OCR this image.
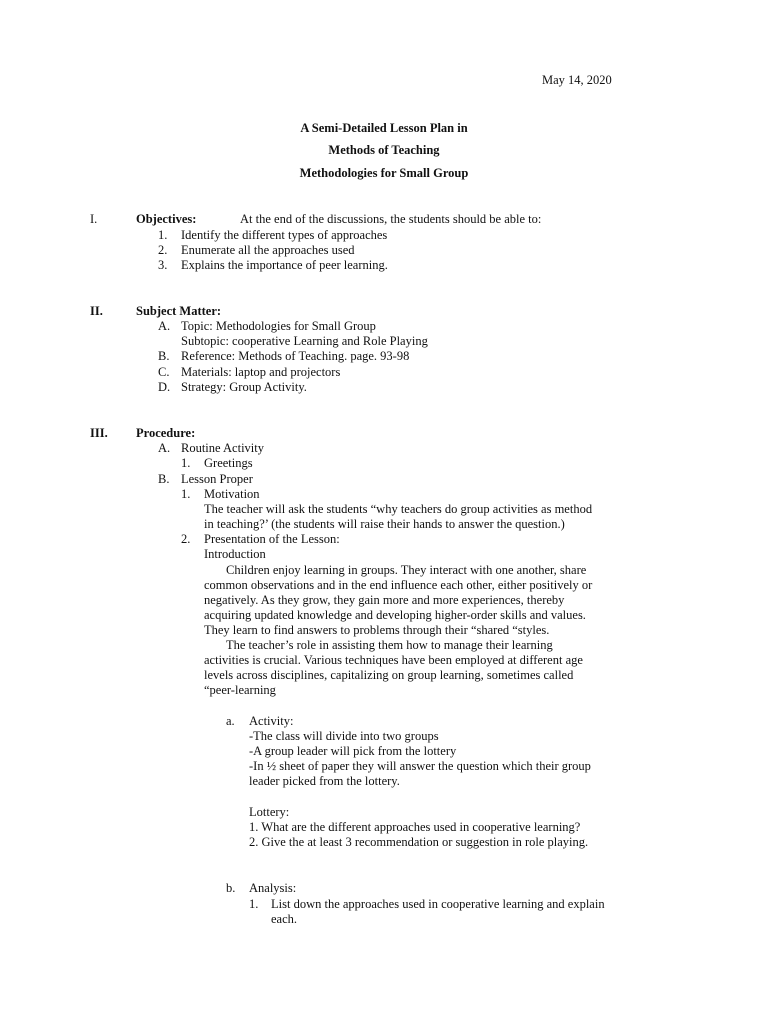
May 14, 2020
A Semi-Detailed Lesson Plan in
Methods of Teaching
Methodologies for Small Group
I.	Objectives:	At the end of the discussions, the students should be able to:
1. Identify the different types of approaches
2. Enumerate all the approaches used
3. Explains the importance of peer learning.
II.	Subject Matter:
A. Topic: Methodologies for Small Group
Subtopic: cooperative Learning and Role Playing
B. Reference: Methods of Teaching. page. 93-98
C. Materials: laptop and projectors
D. Strategy: Group Activity.
III. Procedure:
A. Routine Activity
1. Greetings
B. Lesson Proper
1. Motivation
The teacher will ask the students “why teachers do group activities as method
in teaching?’ (the students will raise their hands to answer the question.)
2. Presentation of the Lesson:
Introduction
Children enjoy learning in groups. They interact with one another, share
common observations and in the end influence each other, either positively or
negatively. As they grow, they gain more and more experiences, thereby
acquiring updated knowledge and developing higher-order skills and values.
They learn to find answers to problems through their “shared “styles.
The teacher’s role in assisting them how to manage their learning
activities is crucial. Various techniques have been employed at different age
levels across disciplines, capitalizing on group learning, sometimes called
“peer-learning
a. Activity:
-The class will divide into two groups
-A group leader will pick from the lottery
-In ½ sheet of paper they will answer the question which their group
leader picked from the lottery.
Lottery:
1. What are the different approaches used in cooperative learning?
2. Give the at least 3 recommendation or suggestion in role playing.
b. Analysis:
1. List down the approaches used in cooperative learning and explain
each.
